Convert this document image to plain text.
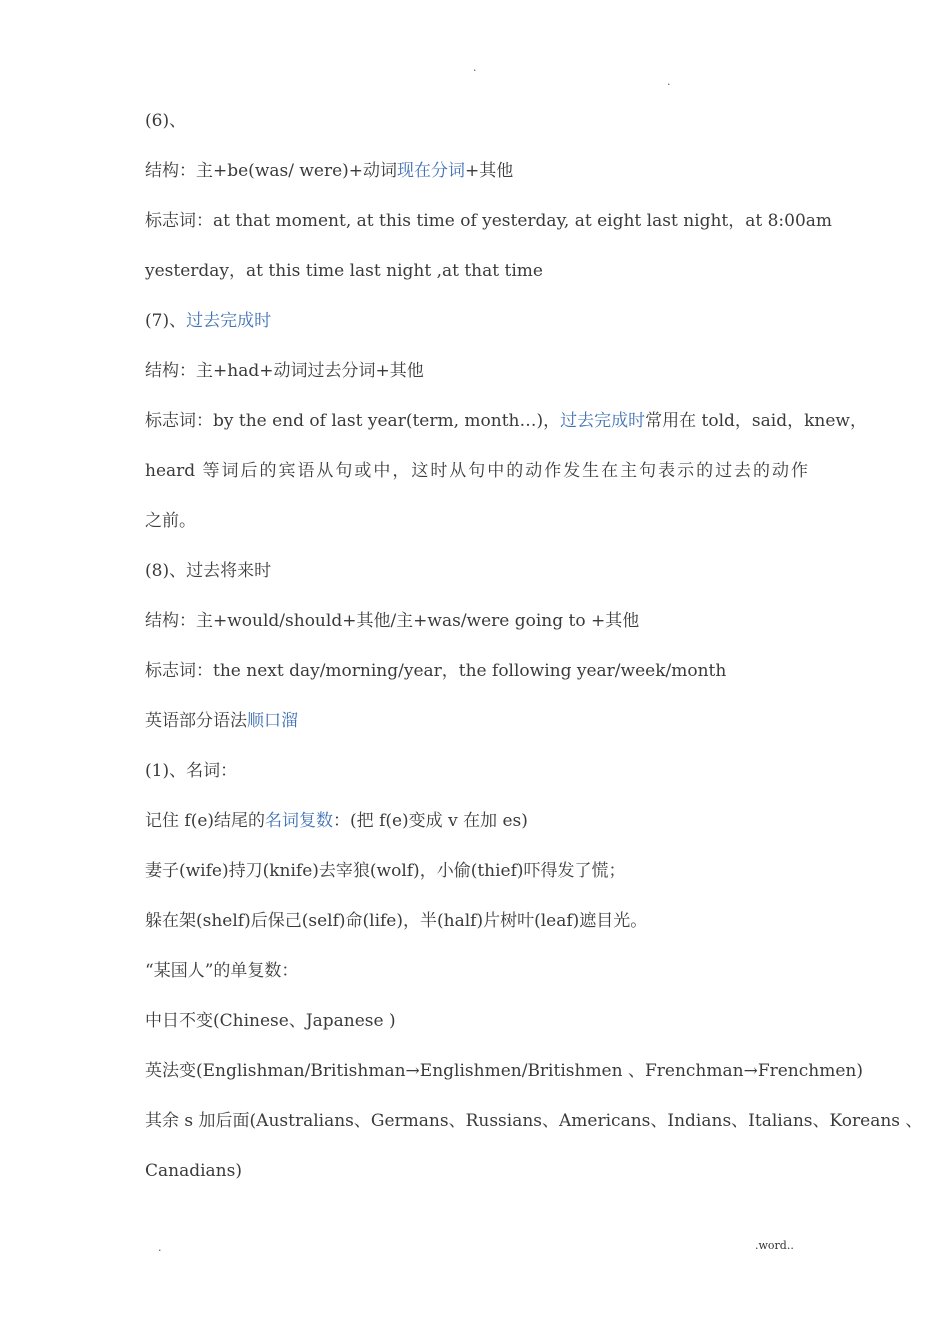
.
.
(6)、
结构：主+be(was/ were)+动词现在分词+其他
标志词：at that moment, at this time of yesterday, at eight last night，at 8:00am
yesterday，at this time last night ,at that time
(7)、过去完成时
结构：主+had+动词过去分词+其他
标志词：by the end of last year(term, month…)，过去完成时常用在 told，said，knew，
heard 等词后的宾语从句或中，这时从句中的动作发生在主句表示的过去的动作
之前。
(8)、过去将来时
结构：主+would/should+其他/主+was/were going to +其他
标志词：the next day/morning/year，the following year/week/month
英语部分语法顺口溜
(1)、名词：
记住 f(e)结尾的名词复数：(把 f(e)变成 v 在加 es)
妻子(wife)持刀(knife)去宰狼(wolf)，小偷(thief)吓得发了慌；
躲在架(shelf)后保己(self)命(life)，半(half)片树叶(leaf)遮目光。
“某国人”的单复数：
中日不变(Chinese、Japanese )
英法变(Englishman/Britishman→Englishmen/Britishmen 、Frenchman→Frenchmen)
其余 s 加后面(Australians、Germans、Russians、Americans、Indians、Italians、Koreans 、
Canadians)
.	.word..
